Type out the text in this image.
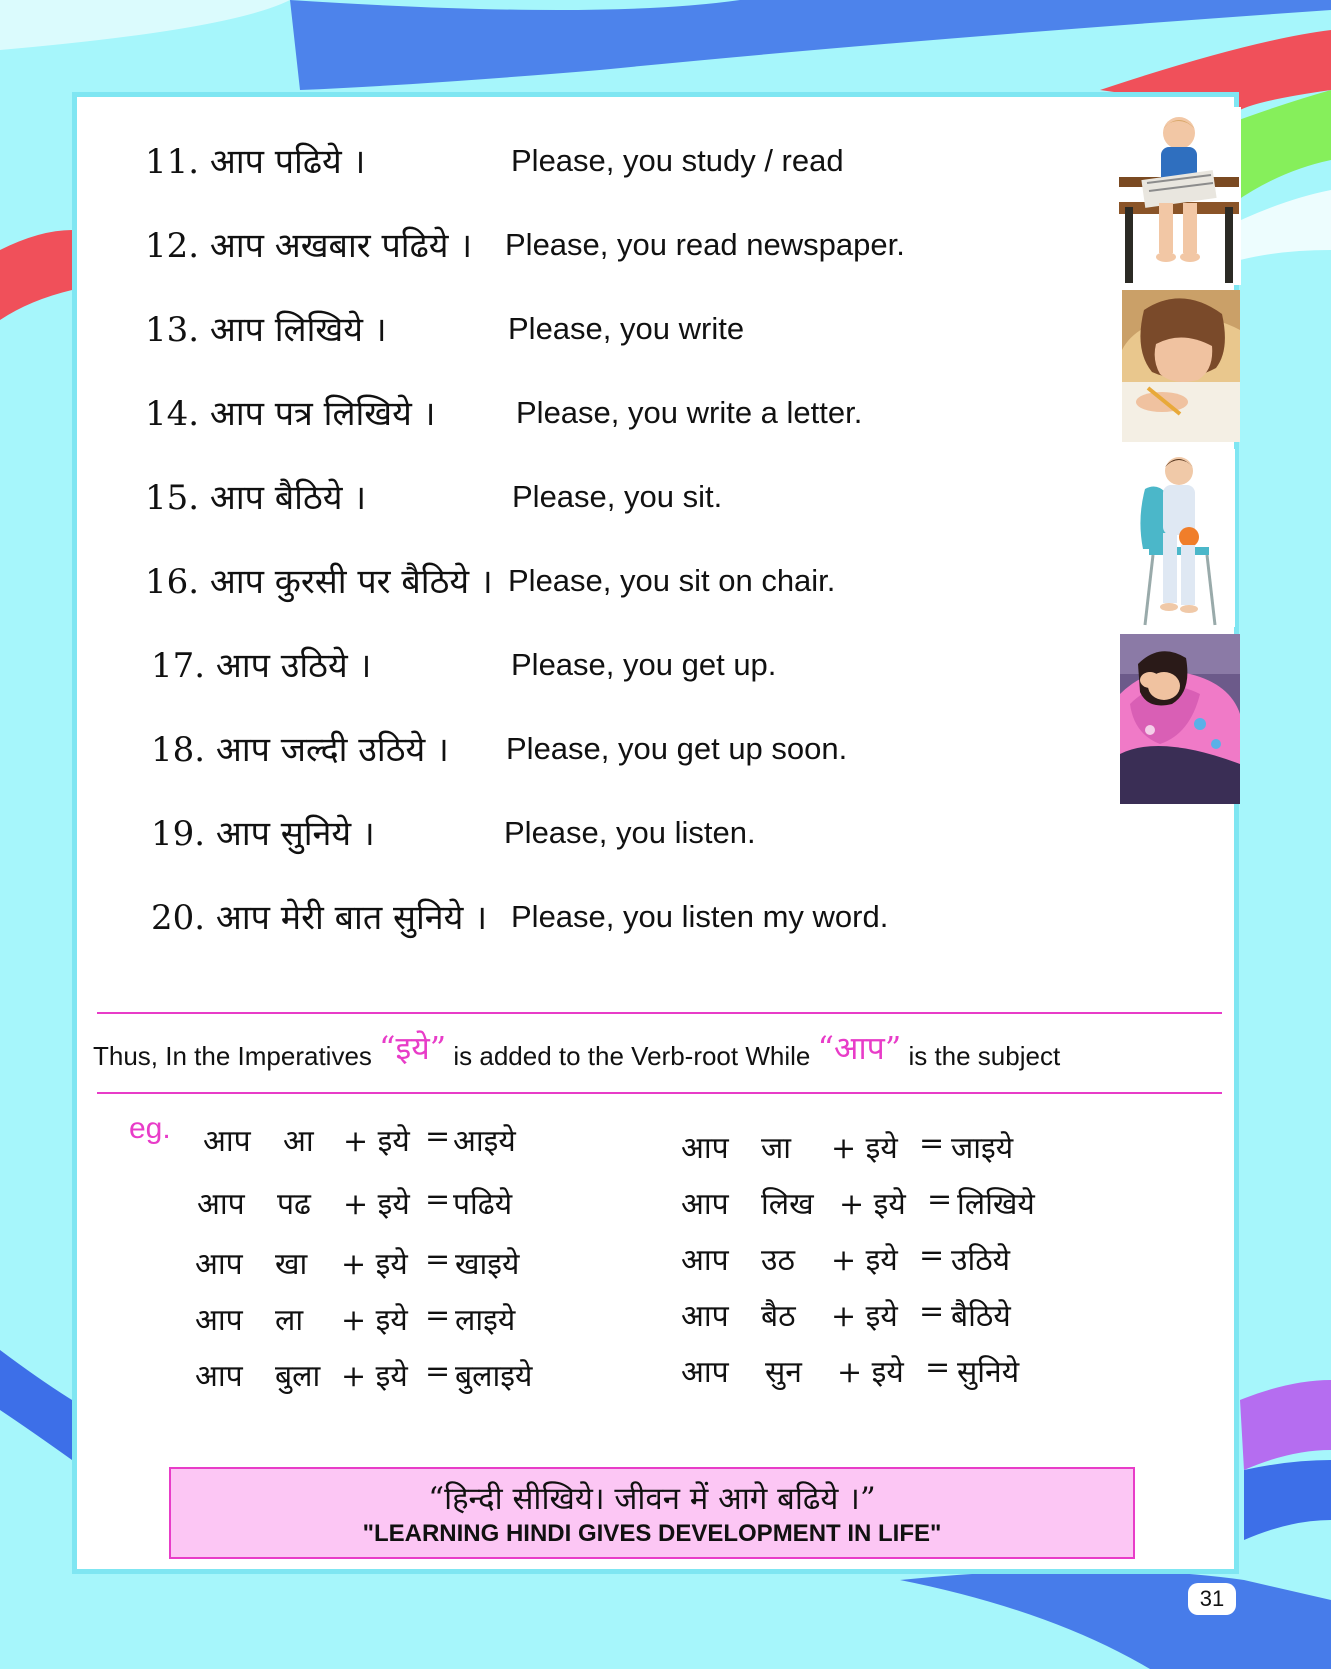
11. आप पढिये ।	Please, you study / read
12. आप अखबार पढिये । Please, you read newspaper.
13. आप लिखिये ।	Please, you write
14. आप पत्र लिखिये ।	Please, you write a letter.
15. आप बैठिये ।	Please, you sit.
16. आप कुरसी पर बैठिये । Please, you sit on chair.
17. आप उठिये ।	Please, you get up.
18. आप जल्दी उठिये । Please, you get up soon.
19. आप सुनिये ।	Please, you listen.
20. आप मेरी बात सुनिये । Please, you listen my word.
Thus, In the Imperatives “इये” is added to the Verb-root While “आप” is the subject
eg. आप आ + इये = आइये
आप पढ + इये = पढिये
आप खा + इये = खाइये
आप ला + इये = लाइये
आप बुला + इये = बुलाइये
आप जा + इये = जाइये
आप लिख + इये = लिखिये
आप उठ + इये = उठिये
आप बैठ + इये = बैठिये
आप सुन + इये = सुनिये
“हिन्दी सीखिये। जीवन में आगे बढिये ।”
"LEARNING HINDI GIVES DEVELOPMENT IN LIFE"
31
